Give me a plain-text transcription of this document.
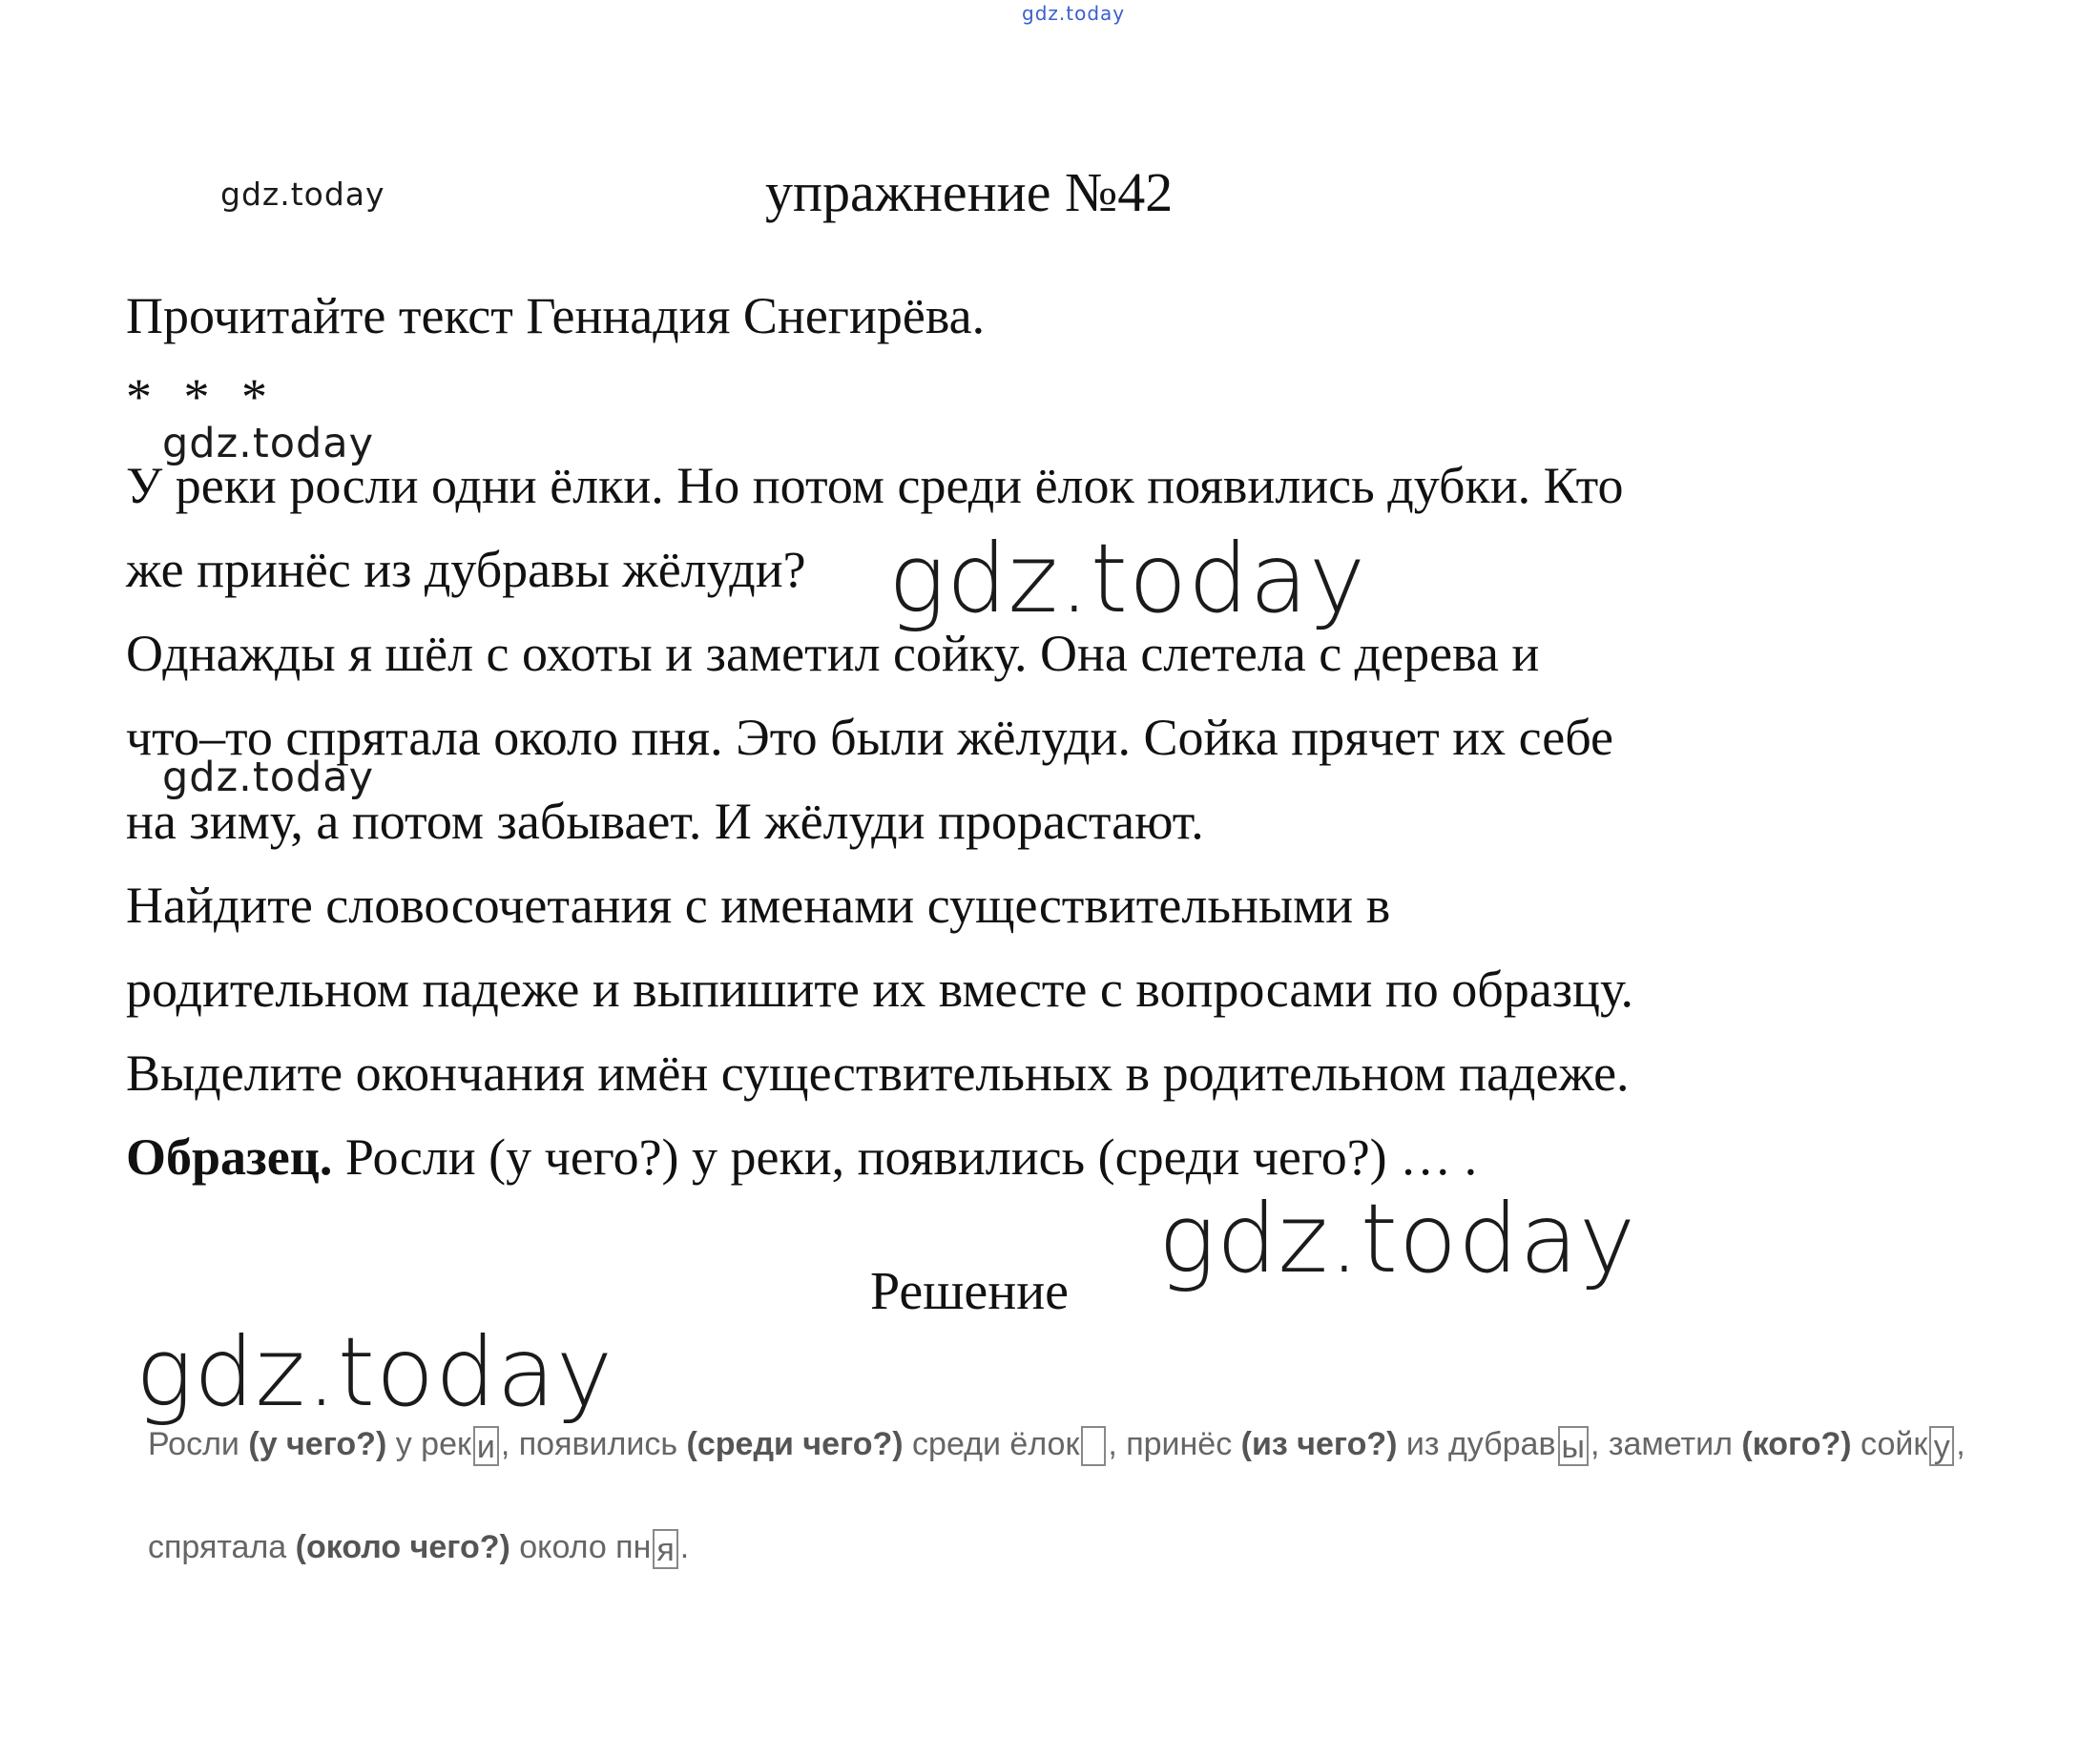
gdz.today
gdz.today
gdz.today
gdz.today
gdz.today
gdz.today
gdz.today
упражнение №42
Прочитайте текст Геннадия Снегирёва.
* * *
У реки росли одни ёлки. Но потом среди ёлок появились дубки. Кто
же принёс из дубравы жёлуди?
Однажды я шёл с охоты и заметил сойку. Она слетела с дерева и
что–то спрятала около пня. Это были жёлуди. Сойка прячет их себе
на зиму, а потом забывает. И жёлуди прорастают.
Найдите словосочетания с именами существительными в
родительном падеже и выпишите их вместе с вопросами по образцу.
Выделите окончания имён существительных в родительном падеже.
Образец. Росли (у чего?) у реки, появились (среди чего?) … .
Решение
Росли (у чего?) у рек и , появились (среди чего?) среди ёлок , принёс (из чего?) из дубрав ы , заметил (кого?) сойк у ,
спрятала (около чего?) около пн я .
